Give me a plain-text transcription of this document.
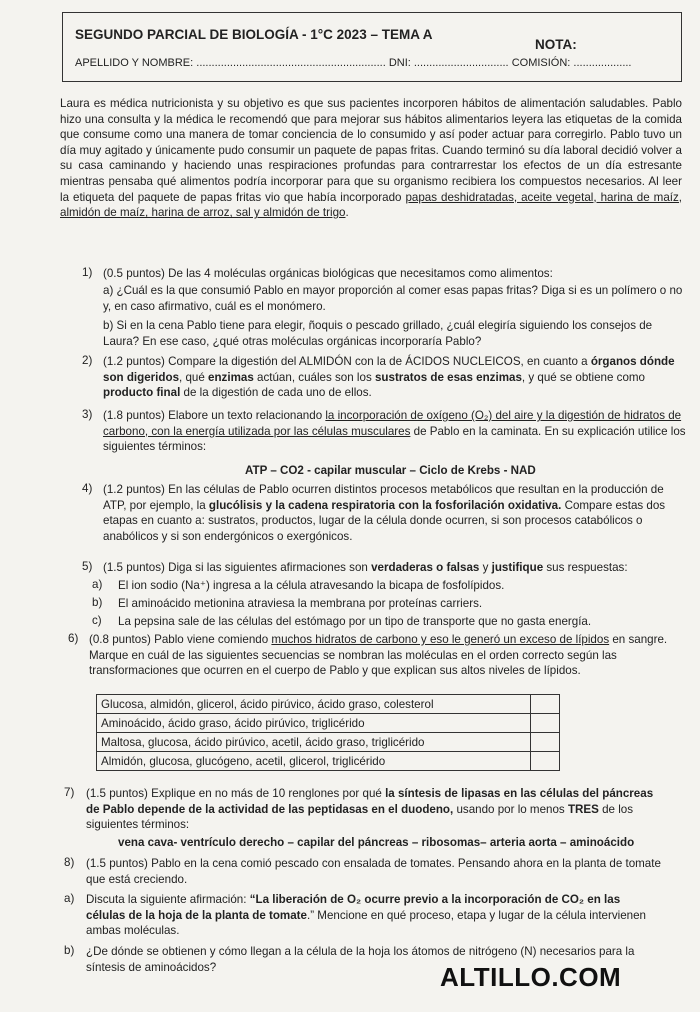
SEGUNDO PARCIAL DE BIOLOGÍA - 1°C 2023 – TEMA A
NOTA:
APELLIDO Y NOMBRE: .............................................................. DNI: ............................... COMISIÓN: ...................
Laura es médica nutricionista y su objetivo es que sus pacientes incorporen hábitos de alimentación saludables. Pablo hizo una consulta y la médica le recomendó que para mejorar sus hábitos alimentarios leyera las etiquetas de la comida que consume como una manera de tomar conciencia de lo consumido y así poder actuar para corregirlo. Pablo tuvo un día muy agitado y únicamente pudo consumir un paquete de papas fritas. Cuando terminó su día laboral decidió volver a su casa caminando y haciendo unas respiraciones profundas para contrarrestar los efectos de un día estresante mientras pensaba qué alimentos podría incorporar para que su organismo recibiera los compuestos necesarios. Al leer la etiqueta del paquete de papas fritas vio que había incorporado papas deshidratadas, aceite vegetal, harina de maíz, almidón de maíz, harina de arroz, sal y almidón de trigo.
1) (0.5 puntos) De las 4 moléculas orgánicas biológicas que necesitamos como alimentos:
a) ¿Cuál es la que consumió Pablo en mayor proporción al comer esas papas fritas? Diga si es un polímero o no y, en caso afirmativo, cuál es el monómero.
b) Si en la cena Pablo tiene para elegir, ñoquis o pescado grillado, ¿cuál elegiría siguiendo los consejos de Laura? En ese caso, ¿qué otras moléculas orgánicas incorporaría Pablo?
2) (1.2 puntos) Compare la digestión del ALMIDÓN con la de ÁCIDOS NUCLEICOS, en cuanto a órganos dónde son digeridos, qué enzimas actúan, cuáles son los sustratos de esas enzimas, y qué se obtiene como producto final de la digestión de cada uno de ellos.
3) (1.8 puntos) Elabore un texto relacionando la incorporación de oxígeno (O₂) del aire y la digestión de hidratos de carbono, con la energía utilizada por las células musculares de Pablo en la caminata. En su explicación utilice los siguientes términos:
ATP – CO2 - capilar muscular – Ciclo de Krebs - NAD
4) (1.2 puntos) En las células de Pablo ocurren distintos procesos metabólicos que resultan en la producción de ATP, por ejemplo, la glucólisis y la cadena respiratoria con la fosforilación oxidativa. Compare estas dos etapas en cuanto a: sustratos, productos, lugar de la célula donde ocurren, si son procesos catabólicos o anabólicos y si son endergónicos o exergónicos.
5) (1.5 puntos) Diga si las siguientes afirmaciones son verdaderas o falsas y justifique sus respuestas:
a) El ion sodio (Na⁺) ingresa a la célula atravesando la bicapa de fosfolípidos.
b) El aminoácido metionina atraviesa la membrana por proteínas carriers.
c) La pepsina sale de las células del estómago por un tipo de transporte que no gasta energía.
6) (0.8 puntos) Pablo viene comiendo muchos hidratos de carbono y eso le generó un exceso de lípidos en sangre. Marque en cuál de las siguientes secuencias se nombran las moléculas en el orden correcto según las transformaciones que ocurren en el cuerpo de Pablo y que explican sus altos niveles de lípidos.
Glucosa, almidón, glicerol, ácido pirúvico, ácido graso, colesterol	
Aminoácido, ácido graso, ácido pirúvico, triglicérido	
Maltosa, glucosa, ácido pirúvico, acetil, ácido graso, triglicérido	
Almidón, glucosa, glucógeno, acetil, glicerol, triglicérido	
7) (1.5 puntos) Explique en no más de 10 renglones por qué la síntesis de lipasas en las células del páncreas de Pablo depende de la actividad de las peptidasas en el duodeno, usando por lo menos TRES de los siguientes términos:
vena cava- ventrículo derecho – capilar del páncreas – ribosomas– arteria aorta – aminoácido
8) (1.5 puntos) Pablo en la cena comió pescado con ensalada de tomates. Pensando ahora en la planta de tomate que está creciendo.
a) Discuta la siguiente afirmación: “La liberación de O₂ ocurre previo a la incorporación de CO₂ en las células de la hoja de la planta de tomate.” Mencione en qué proceso, etapa y lugar de la célula intervienen ambas moléculas.
b) ¿De dónde se obtienen y cómo llegan a la célula de la hoja los átomos de nitrógeno (N) necesarios para la síntesis de aminoácidos?	ALTILLO.COM
